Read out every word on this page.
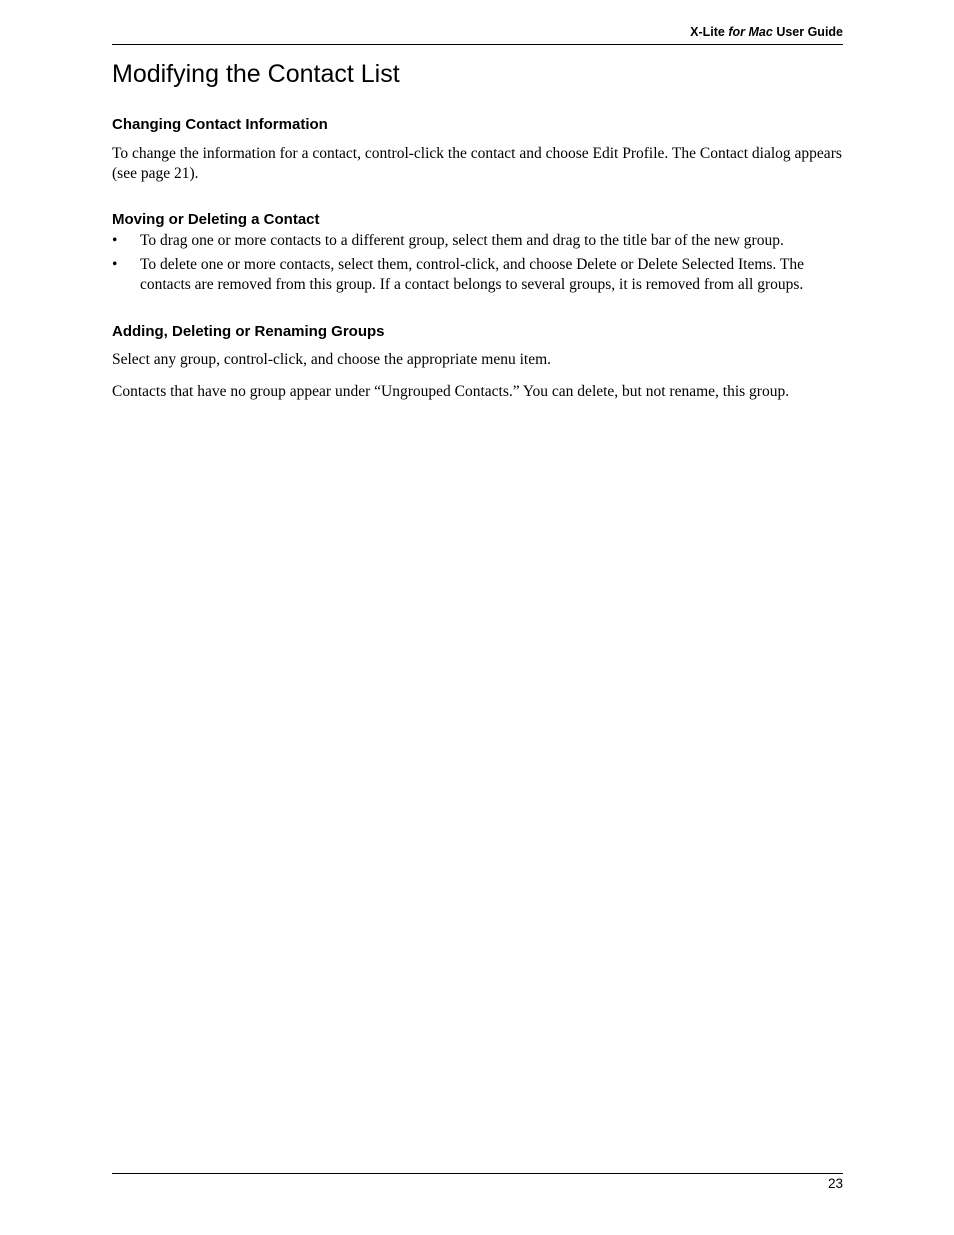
X-Lite for Mac User Guide
Modifying the Contact List
Changing Contact Information

To change the information for a contact, control-click the contact and choose Edit Profile. The Contact dialog appears (see page 21).

Moving or Deleting a Contact
• To drag one or more contacts to a different group, select them and drag to the title bar of the new group.
• To delete one or more contacts, select them, control-click, and choose Delete or Delete Selected Items. The contacts are removed from this group. If a contact belongs to several groups, it is removed from all groups.
Adding, Deleting or Renaming Groups

Select any group, control-click, and choose the appropriate menu item.

Contacts that have no group appear under “Ungrouped Contacts.” You can delete, but not rename, this group.

23
